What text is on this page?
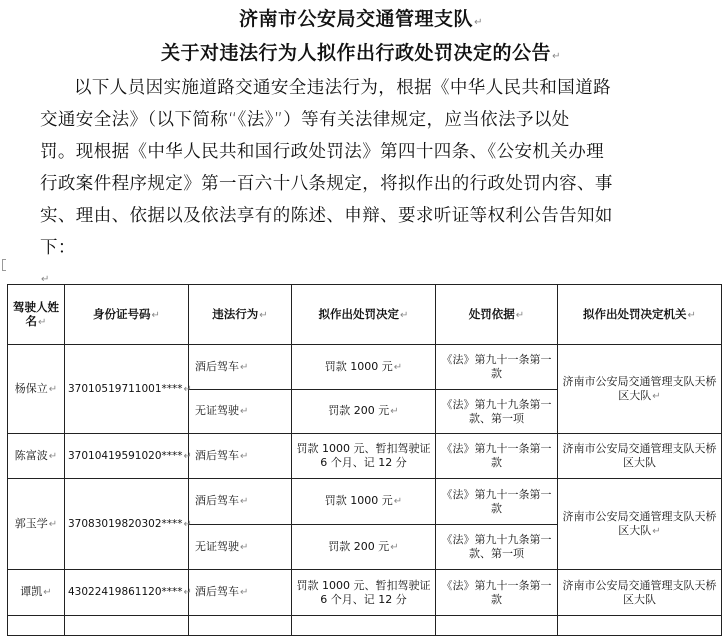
济南市公安局交通管理支队↵
关于对违法行为人拟作出行政处罚决定的公告↵
以下人员因实施道路交通安全违法行为，根据《中华人民共和国道路
交通安全法》（以下简称“《法》”）等有关法律规定，应当依法予以处
罚。现根据《中华人民共和国行政处罚法》第四十四条、《公安机关办理
行政案件程序规定》第一百六十八条规定，将拟作出的行政处罚内容、事
实、理由、依据以及依法享有的陈述、申辩、要求听证等权利公告告知如
下：
↵
驾驶人姓名↵	身份证号码↵	违法行为↵	拟作出处罚决定↵	处罚依据↵	拟作出处罚决定机关↵
杨保立↵	37010519711001****↵	酒后驾车↵	罚款 1000 元↵	《法》第九十一条第一款	济南市公安局交通管理支队天桥区大队↵
		无证驾驶↵	罚款 200 元↵	《法》第九十九条第一款、第一项	
陈富波↵	37010419591020****↵	酒后驾车↵	罚款 1000 元、暂扣驾驶证 6 个月、记 12 分	《法》第九十一条第一款	济南市公安局交通管理支队天桥区大队
郭玉学↵	37083019820302****↵	酒后驾车↵	罚款 1000 元↵	《法》第九十一条第一款	济南市公安局交通管理支队天桥区大队↵
		无证驾驶↵	罚款 200 元↵	《法》第九十九条第一款、第一项	
谭凯↵	43022419861120****↵	酒后驾车↵	罚款 1000 元、暂扣驾驶证 6 个月、记 12 分	《法》第九十一条第一款	济南市公安局交通管理支队天桥区大队
